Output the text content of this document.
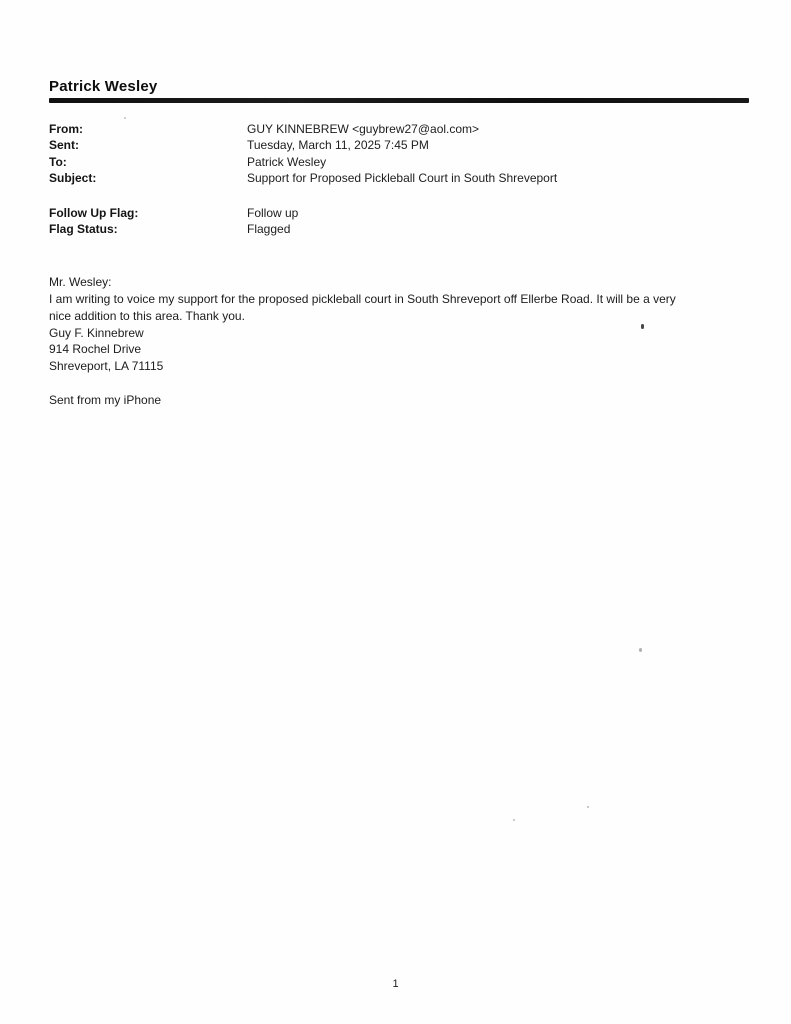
Patrick Wesley
From:	GUY KINNEBREW <guybrew27@aol.com>
Sent:	Tuesday, March 11, 2025 7:45 PM
To:	Patrick Wesley
Subject:	Support for Proposed Pickleball Court in South Shreveport
Follow Up Flag:	Follow up
Flag Status:	Flagged
Mr. Wesley:
I am writing to voice my support for the proposed pickleball court in South Shreveport off Ellerbe Road. It will be a very
nice addition to this area. Thank you.
Guy F. Kinnebrew
914 Rochel Drive
Shreveport, LA 71115
Sent from my iPhone
1
